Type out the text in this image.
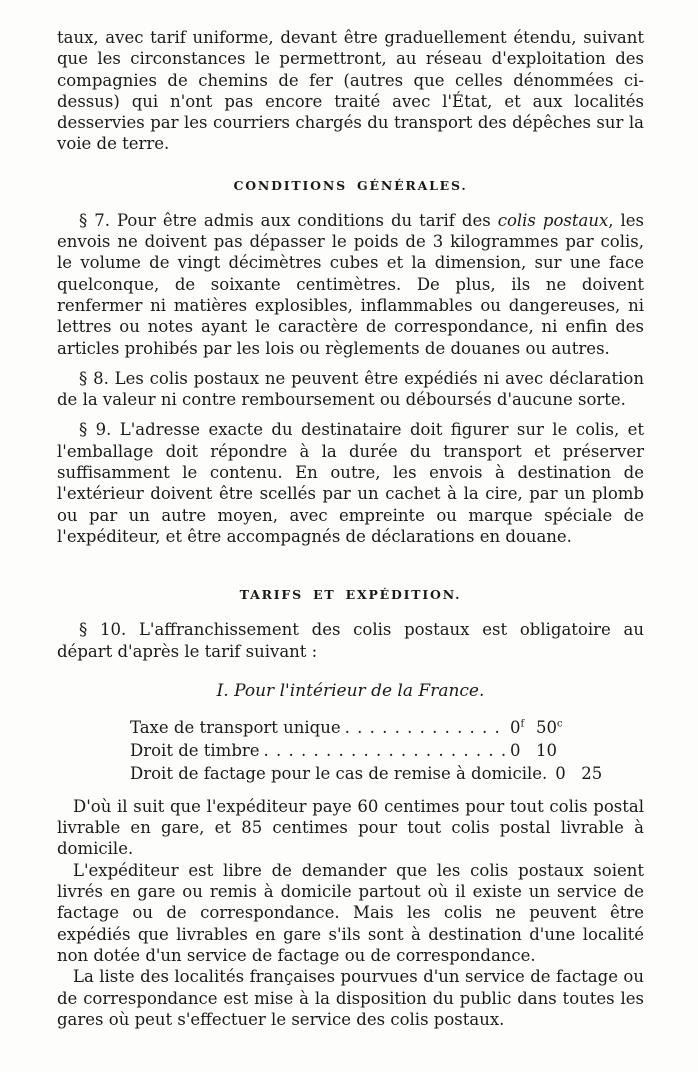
taux, avec tarif uniforme, devant être graduellement étendu, suivant que les circonstances le permettront, au réseau d'exploitation des compagnies de chemins de fer (autres que celles dénommées ci-dessus) qui n'ont pas encore traité avec l'État, et aux localités desservies par les courriers chargés du transport des dépêches sur la voie de terre.

CONDITIONS GÉNÉRALES.

§ 7. Pour être admis aux conditions du tarif des colis postaux, les envois ne doivent pas dépasser le poids de 3 kilogrammes par colis, le volume de vingt décimètres cubes et la dimension, sur une face quelconque, de soixante centimètres. De plus, ils ne doivent renfermer ni matières explosibles, inflammables ou dangereuses, ni lettres ou notes ayant le caractère de correspondance, ni enfin des articles prohibés par les lois ou règlements de douanes ou autres.

§ 8. Les colis postaux ne peuvent être expédiés ni avec déclaration de la valeur ni contre remboursement ou déboursés d'aucune sorte.

§ 9. L'adresse exacte du destinataire doit figurer sur le colis, et l'emballage doit répondre à la durée du transport et préserver suffisamment le contenu. En outre, les envois à destination de l'extérieur doivent être scellés par un cachet à la cire, par un plomb ou par un autre moyen, avec empreinte ou marque spéciale de l'expéditeur, et être accompagnés de déclarations en douane.

TARIFS ET EXPÉDITION.

§ 10. L'affranchissement des colis postaux est obligatoire au départ d'après le tarif suivant :

I. Pour l'intérieur de la France.
Taxe de transport unique . . .	0$^f$ 50$^c$
Droit de timbre . . .	0 10
Droit de factage pour le cas de remise à domicile. 0 25

D'où il suit que l'expéditeur paye 60 centimes pour tout colis postal livrable en gare, et 85 centimes pour tout colis postal livrable à domicile.

L'expéditeur est libre de demander que les colis postaux soient livrés en gare ou remis à domicile partout où il existe un service de factage ou de correspondance. Mais les colis ne peuvent être expédiés que livrables en gare s'ils sont à destination d'une localité non dotée d'un service de factage ou de correspondance.

La liste des localités françaises pourvues d'un service de factage ou de correspondance est mise à la disposition du public dans toutes les gares où peut s'effectuer le service des colis postaux.
